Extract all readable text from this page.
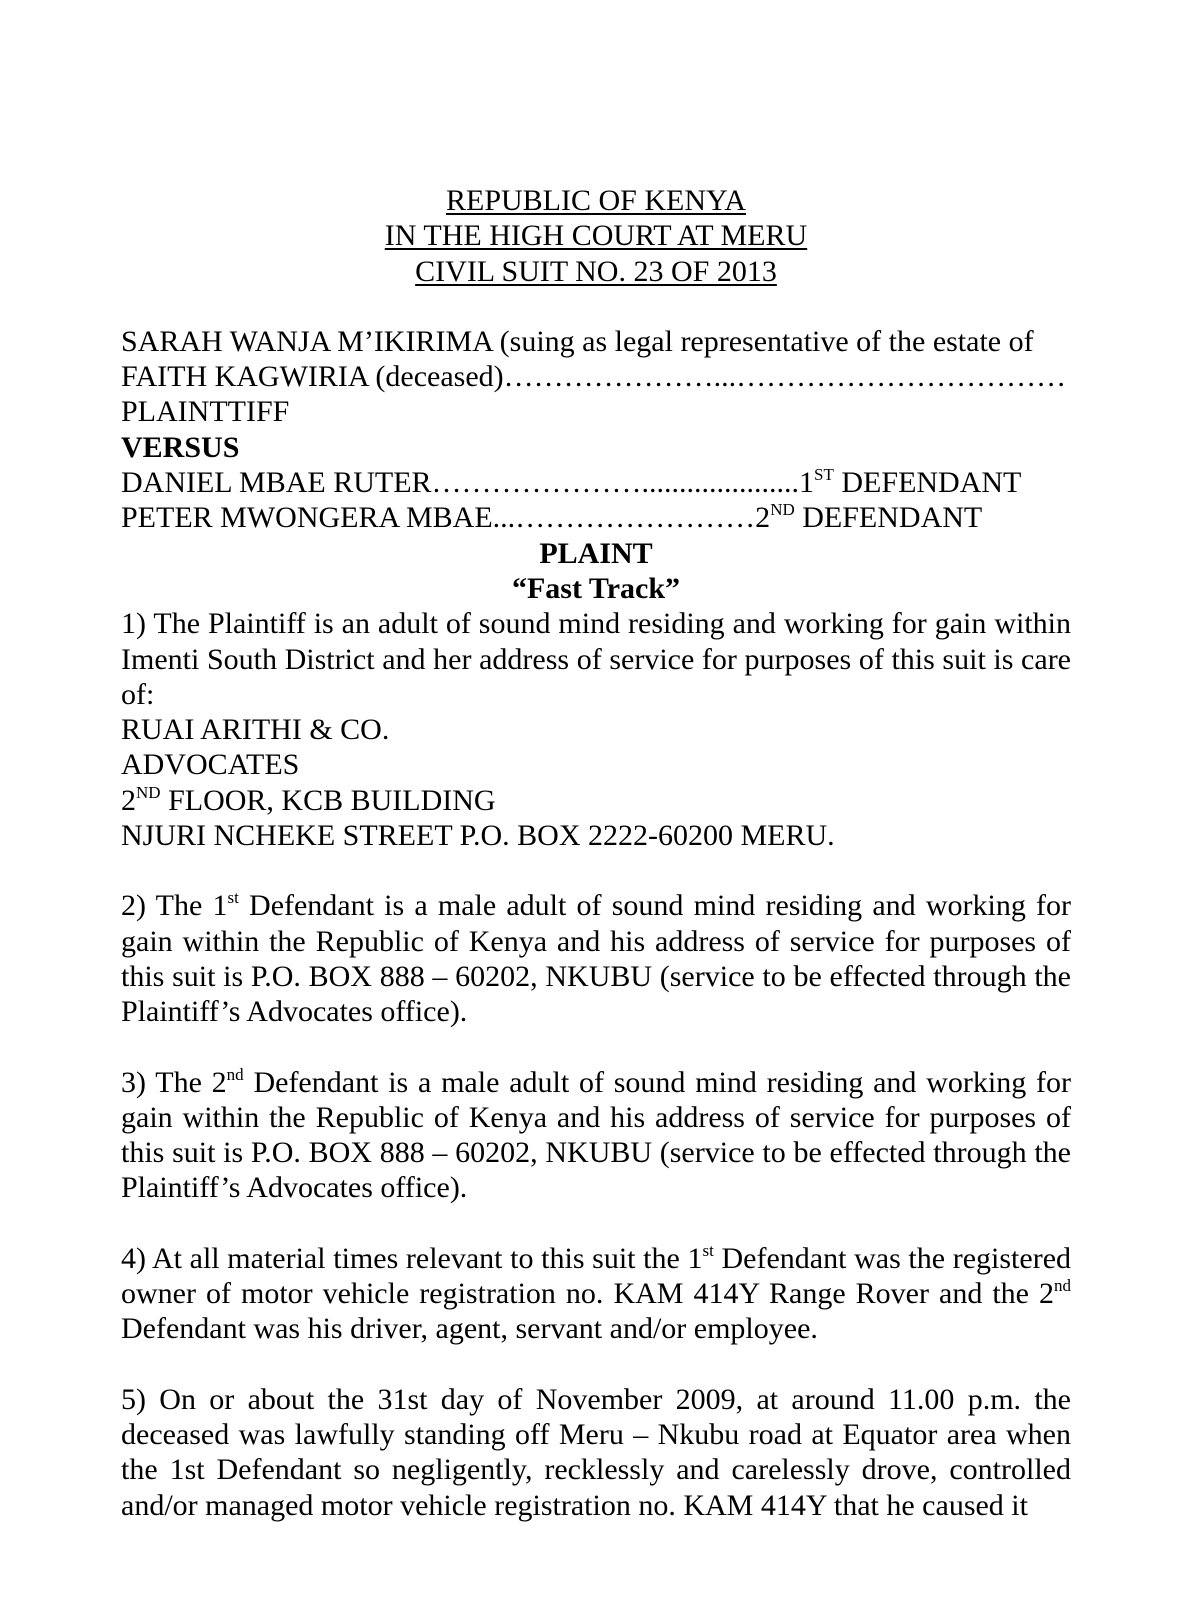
REPUBLIC OF KENYA
IN THE HIGH COURT AT MERU
CIVIL SUIT NO. 23 OF 2013
SARAH WANJA M’IKIRIMA (suing as legal representative of the estate of
FAITH KAGWIRIA (deceased)…………………...……………………………
PLAINTTIFF
VERSUS
DANIEL MBAE RUTER………………….....................1ST DEFENDANT
PETER MWONGERA MBAE...……………………2ND DEFENDANT
PLAINT
“Fast Track”
1) The Plaintiff is an adult of sound mind residing and working for gain within Imenti South District and her address of service for purposes of this suit is care of:
RUAI ARITHI & CO.
ADVOCATES
2ND FLOOR, KCB BUILDING
NJURI NCHEKE STREET P.O. BOX 2222-60200 MERU.
2) The 1st Defendant is a male adult of sound mind residing and working for gain within the Republic of Kenya and his address of service for purposes of this suit is P.O. BOX 888 – 60202, NKUBU (service to be effected through the Plaintiff’s Advocates office).
3) The 2nd Defendant is a male adult of sound mind residing and working for gain within the Republic of Kenya and his address of service for purposes of this suit is P.O. BOX 888 – 60202, NKUBU (service to be effected through the Plaintiff’s Advocates office).
4) At all material times relevant to this suit the 1st Defendant was the registered owner of motor vehicle registration no. KAM 414Y Range Rover and the 2nd Defendant was his driver, agent, servant and/or employee.
5) On or about the 31st day of November 2009, at around 11.00 p.m. the deceased was lawfully standing off Meru – Nkubu road at Equator area when the 1st Defendant so negligently, recklessly and carelessly drove, controlled and/or managed motor vehicle registration no. KAM 414Y that he caused it
